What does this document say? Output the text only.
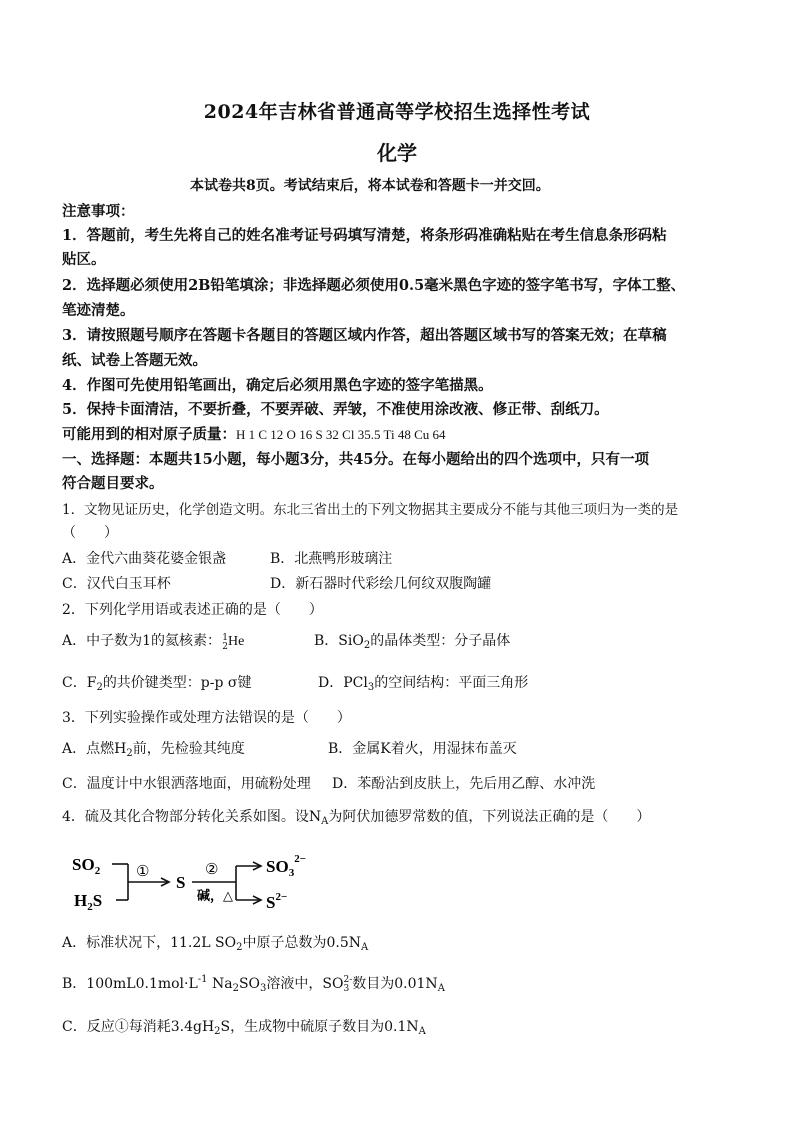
2024年吉林省普通高等学校招生选择性考试
化学
本试卷共8页。考试结束后，将本试卷和答题卡一并交回。
注意事项：
1．答题前，考生先将自己的姓名准考证号码填写清楚，将条形码准确粘贴在考生信息条形码粘
贴区。
2．选择题必须使用2B铅笔填涂；非选择题必须使用0.5毫米黑色字迹的签字笔书写，字体工整、
笔迹清楚。
3．请按照题号顺序在答题卡各题目的答题区域内作答，超出答题区域书写的答案无效；在草稿
纸、试卷上答题无效。
4．作图可先使用铅笔画出，确定后必须用黑色字迹的签字笔描黑。
5．保持卡面清洁，不要折叠，不要弄破、弄皱，不准使用涂改液、修正带、刮纸刀。
可能用到的相对原子质量：H 1 C 12 O 16 S 32 Cl 35.5 Ti 48 Cu 64
一、选择题：本题共15小题，每小题3分，共45分。在每小题给出的四个选项中，只有一项
符合题目要求。
1．文物见证历史，化学创造文明。东北三省出土的下列文物据其主要成分不能与其他三项归为一类的是
（　　）
A．金代六曲葵花婆金银盏	B．北燕鸭形玻璃注
C．汉代白玉耳杯	D．新石器时代彩绘几何纹双腹陶罐
2．下列化学用语或表述正确的是（　　）
A．中子数为1的氦核素：1
2He	B．SiO$_2$的晶体类型：分子晶体
C．$F_2$的共价键类型：p-p σ键	D．PCl$_3$的空间结构：平面三角形
3．下列实验操作或处理方法错误的是（　　）
A．点燃$H_2$前，先检验其纯度	B．金属K着火，用湿抹布盖灭
C．温度计中水银洒落地面，用硫粉处理 D．苯酚沾到皮肤上，先后用乙醇、水冲洗
4．硫及其化合物部分转化关系如图。设$N_A$为阿伏加德罗常数的值，下列说法正确的是（　　）
$SO_2$
$H_2S$
①
S
②
碱，△
$SO_3^{2-}$
$S^{2-}$
A．标准状况下，11.2L $SO_2$中原子总数为$0.5N_A$
B．$100mL0.1mol\cdot L^{-1}$ $Na_2SO_3$溶液中，SO2-
3 数目为$0.01N_A$
C．反应①每消耗$3.4gH_2S$，生成物中硫原子数目为$0.1N_A$
